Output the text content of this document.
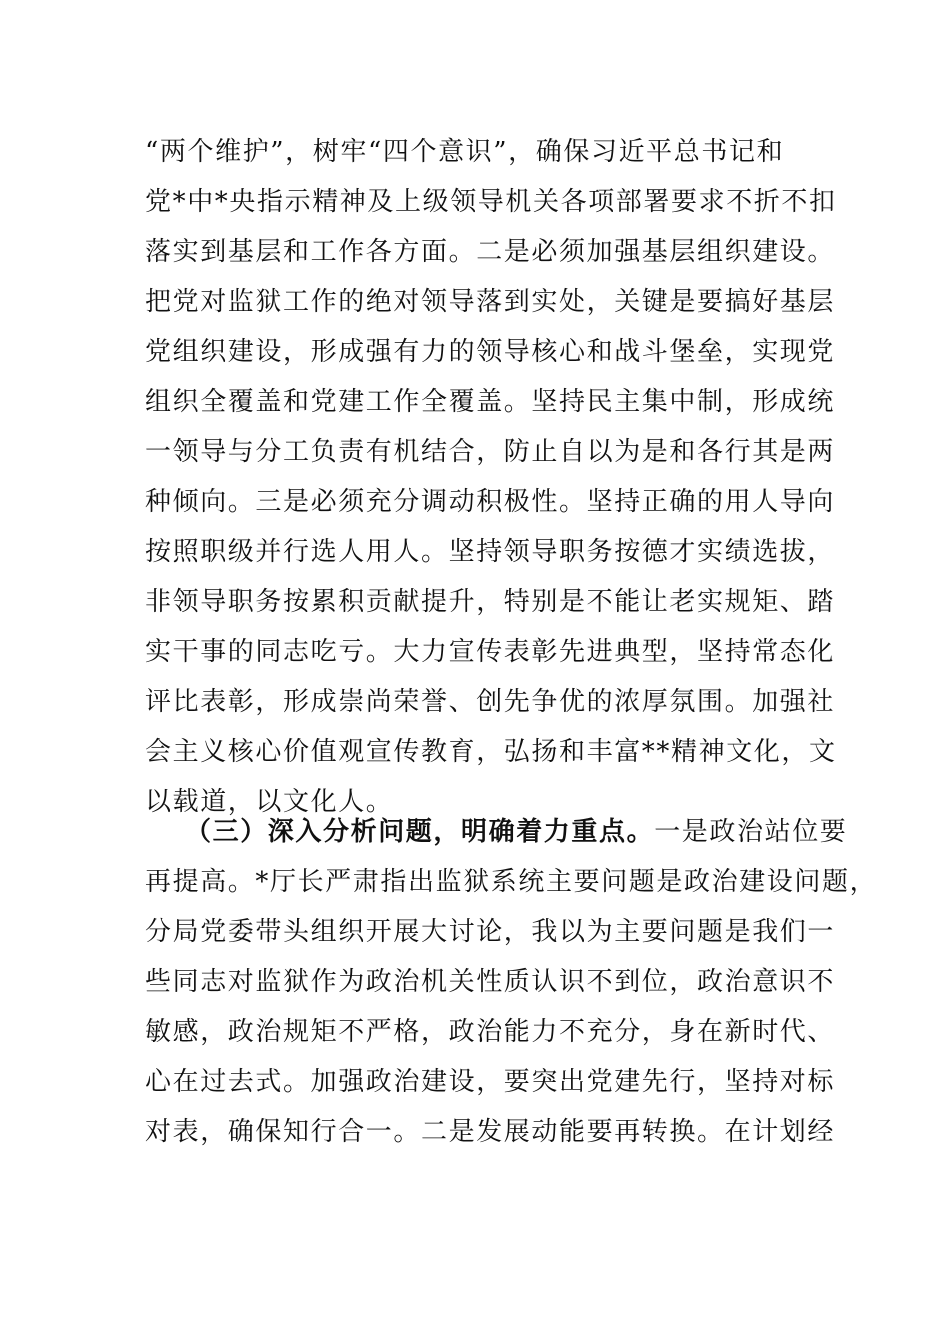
“两个维护”，树牢“四个意识”，确保习近平总书记和
党*中*央指示精神及上级领导机关各项部署要求不折不扣
落实到基层和工作各方面。二是必须加强基层组织建设。
把党对监狱工作的绝对领导落到实处，关键是要搞好基层
党组织建设，形成强有力的领导核心和战斗堡垒，实现党
组织全覆盖和党建工作全覆盖。坚持民主集中制，形成统
一领导与分工负责有机结合，防止自以为是和各行其是两
种倾向。三是必须充分调动积极性。坚持正确的用人导向
按照职级并行选人用人。坚持领导职务按德才实绩选拔，
非领导职务按累积贡献提升，特别是不能让老实规矩、踏
实干事的同志吃亏。大力宣传表彰先进典型，坚持常态化
评比表彰，形成崇尚荣誉、创先争优的浓厚氛围。加强社
会主义核心价值观宣传教育，弘扬和丰富**精神文化，文
以载道，以文化人。
（三）深入分析问题，明确着力重点。一是政治站位要
再提高。*厅长严肃指出监狱系统主要问题是政治建设问题，
分局党委带头组织开展大讨论，我以为主要问题是我们一
些同志对监狱作为政治机关性质认识不到位，政治意识不
敏感，政治规矩不严格，政治能力不充分，身在新时代、
心在过去式。加强政治建设，要突出党建先行，坚持对标
对表，确保知行合一。二是发展动能要再转换。在计划经
